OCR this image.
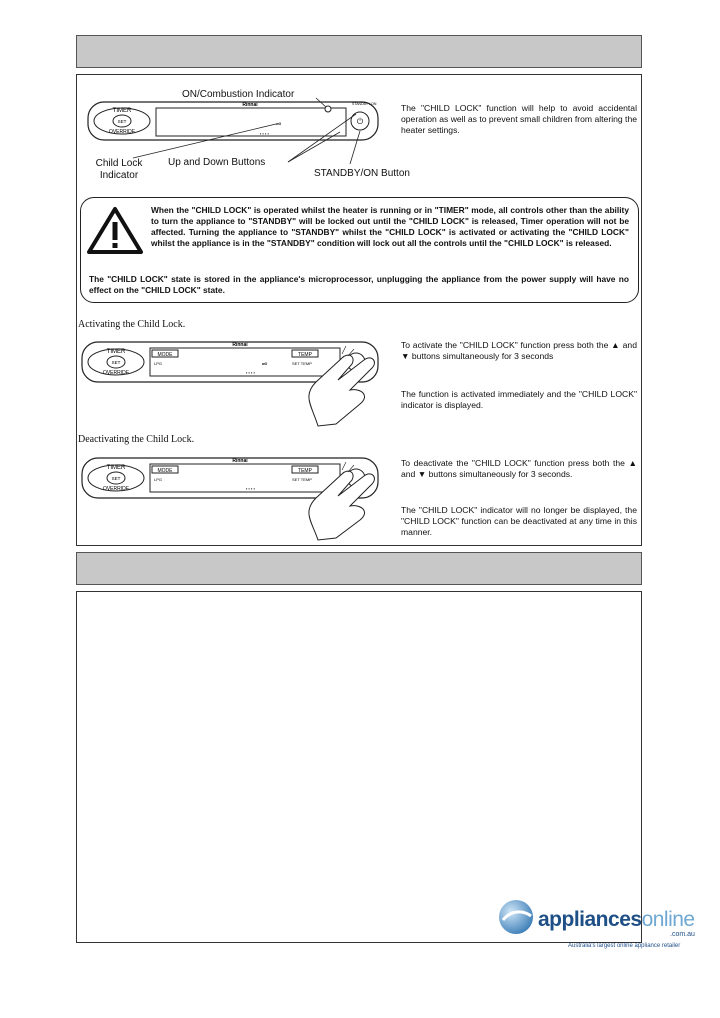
TIMER
SET
OVERRIDE
Rinnai
ʷᴼ
▪ ▪ ▪ ▪
⏻
STANDBY / ON
ON/Combustion Indicator
Child Lock Indicator
Up and Down Buttons
STANDBY/ON Button
The "CHILD LOCK" function will help to avoid accidental operation as well as to prevent small children from altering the heater settings.
When the "CHILD LOCK" is operated whilst the heater is running or in "TIMER" mode, all controls other than the ability to turn the appliance to "STANDBY" will be locked out until the "CHILD LOCK" is released, Timer operation will not be affected. Turning the appliance to "STANDBY" whilst the "CHILD LOCK" is activated or activating the "CHILD LOCK" whilst the appliance is in the "STANDBY" condition will lock out all the controls until the "CHILD LOCK" is released.
The "CHILD LOCK" state is stored in the appliance's microprocessor, unplugging the appliance from the power supply will have no effect on the "CHILD LOCK" state.
Activating the Child Lock.
TIMER
SET
OVERRIDE
Rinnai
MODE
LPG
TEMP
SET TEMP
ʷᴼ
▪ ▪ ▪ ▪
To activate the "CHILD LOCK" function press both the ▲ and ▼ buttons simultaneously for 3 seconds
The function is activated immediately and the "CHILD LOCK" indicator is displayed.
Deactivating the Child Lock.
TIMER
SET
OVERRIDE
Rinnai
MODE
LPG
TEMP
SET TEMP
▪ ▪ ▪ ▪
To deactivate the "CHILD LOCK" function press both the ▲ and ▼ buttons simultaneously for 3 seconds.
The "CHILD LOCK" indicator will no longer be displayed, the "CHILD LOCK" function can be deactivated at any time in this manner.
appliancesonline
.com.au
Australia's largest online appliance retailer
